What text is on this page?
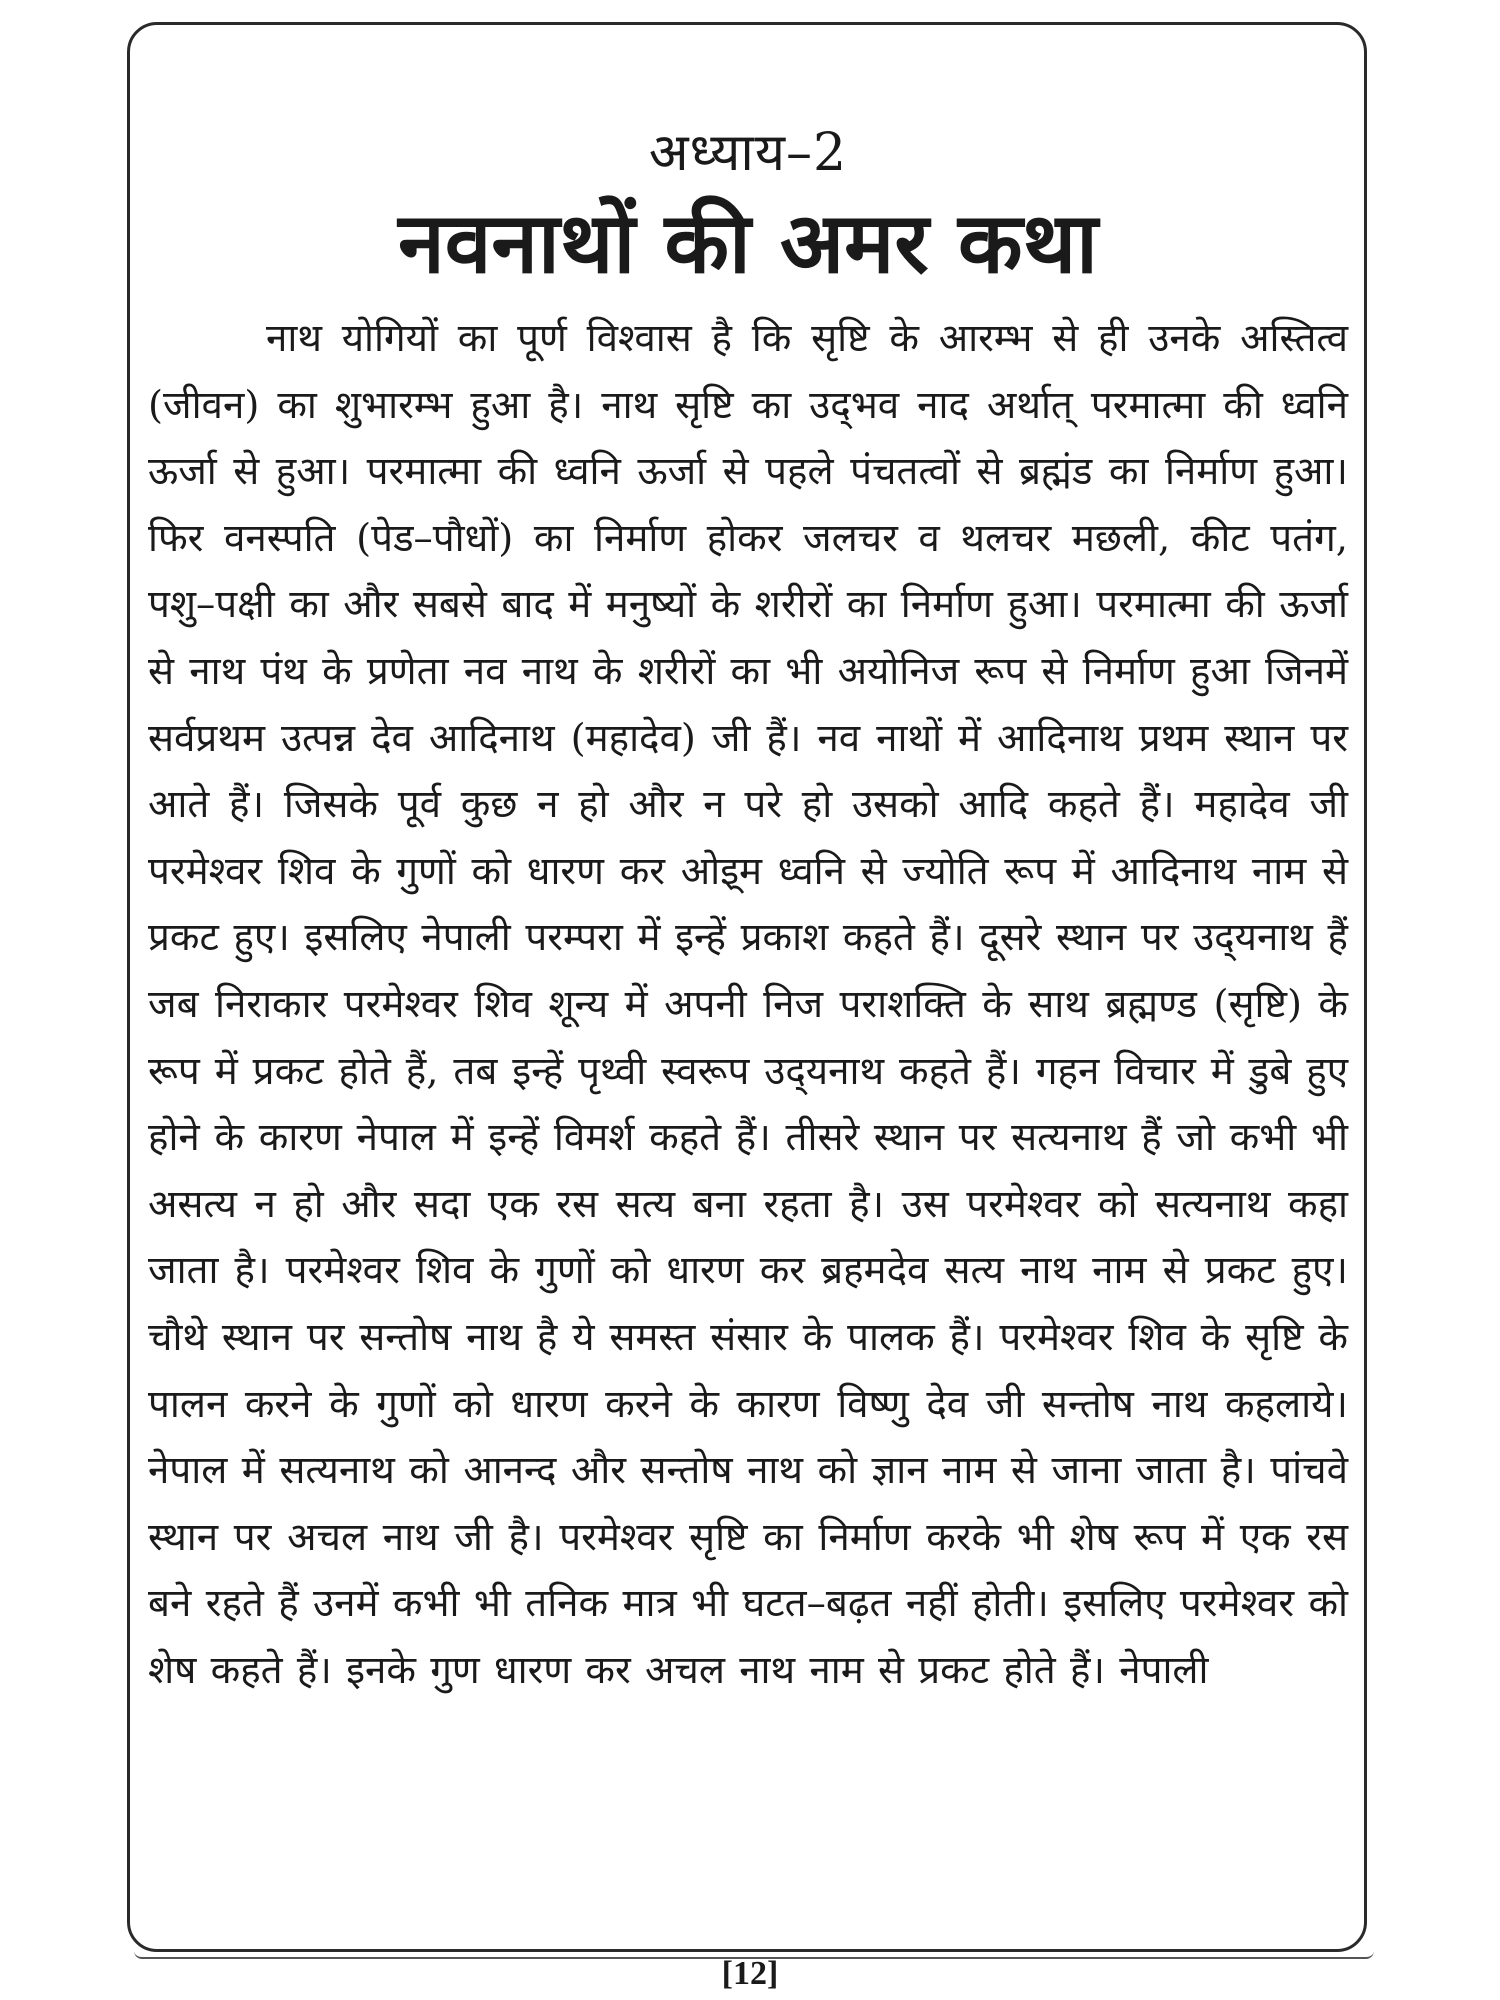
अध्याय–2
नवनाथों की अमर कथा

नाथ योगियों का पूर्ण विश्वास है कि सृष्टि के आरम्भ से ही उनके अस्तित्व (जीवन) का शुभारम्भ हुआ है। नाथ सृष्टि का उद्‌भव नाद अर्थात् परमात्मा की ध्वनि ऊर्जा से हुआ। परमात्मा की ध्वनि ऊर्जा से पहले पंचतत्वों से ब्रह्मंड का निर्माण हुआ। फिर वनस्पति (पेड–पौधों) का निर्माण होकर जलचर व थलचर मछली, कीट पतंग, पशु–पक्षी का और सबसे बाद में मनुष्यों के शरीरों का निर्माण हुआ। परमात्मा की ऊर्जा से नाथ पंथ के प्रणेता नव नाथ के शरीरों का भी अयोनिज रूप से निर्माण हुआ जिनमें सर्वप्रथम उत्पन्न देव आदिनाथ (महादेव) जी हैं। नव नाथों में आदिनाथ प्रथम स्थान पर आते हैं। जिसके पूर्व कुछ न हो और न परे हो उसको आदि कहते हैं। महादेव जी परमेश्वर शिव के गुणों को धारण कर ओइ्म ध्वनि से ज्योति रूप में आदिनाथ नाम से प्रकट हुए। इसलिए नेपाली परम्परा में इन्हें प्रकाश कहते हैं। दूसरे स्थान पर उद्‌यनाथ हैं जब निराकार परमेश्वर शिव शून्य में अपनी निज पराशक्ति के साथ ब्रह्मण्ड (सृष्टि) के रूप में प्रकट होते हैं, तब इन्हें पृथ्वी स्वरूप उद्‌यनाथ कहते हैं। गहन विचार में डुबे हुए होने के कारण नेपाल में इन्हें विमर्श कहते हैं। तीसरे स्थान पर सत्यनाथ हैं जो कभी भी असत्य न हो और सदा एक रस सत्य बना रहता है। उस परमेश्वर को सत्यनाथ कहा जाता है। परमेश्वर शिव के गुणों को धारण कर ब्रहमदेव सत्य नाथ नाम से प्रकट हुए। चौथे स्थान पर सन्तोष नाथ है ये समस्त संसार के पालक हैं। परमेश्वर शिव के सृष्टि के पालन करने के गुणों को धारण करने के कारण विष्णु देव जी सन्तोष नाथ कहलाये। नेपाल में सत्यनाथ को आनन्द और सन्तोष नाथ को ज्ञान नाम से जाना जाता है। पांचवे स्थान पर अचल नाथ जी है। परमेश्वर सृष्टि का निर्माण करके भी शेष रूप में एक रस बने रहते हैं उनमें कभी भी तनिक मात्र भी घटत–बढ़त नहीं होती। इसलिए परमेश्वर को शेष कहते हैं। इनके गुण धारण कर अचल नाथ नाम से प्रकट होते हैं। नेपाली

[12]
